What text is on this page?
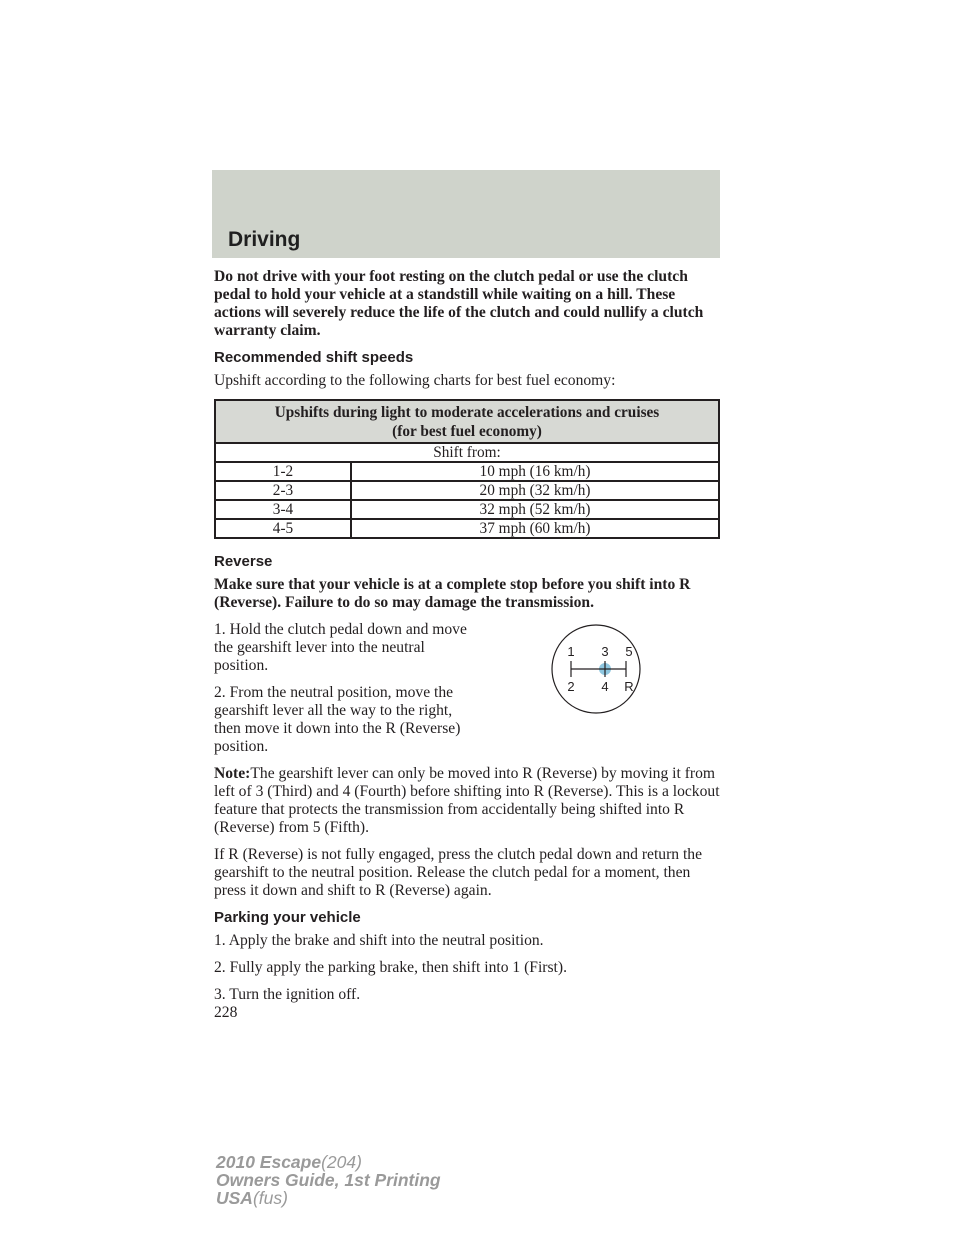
Driving

Do not drive with your foot resting on the clutch pedal or use the clutch pedal to hold your vehicle at a standstill while waiting on a hill. These actions will severely reduce the life of the clutch and could nullify a clutch warranty claim.

Recommended shift speeds

Upshift according to the following charts for best fuel economy:

Upshifts during light to moderate accelerations and cruises
(for best fuel economy)	

Shift from:	
1-2	10 mph (16 km/h)
2-3	20 mph (32 km/h)
3-4	32 mph (52 km/h)
4-5	37 mph (60 km/h)
Reverse

Make sure that your vehicle is at a complete stop before you shift into R (Reverse). Failure to do so may damage the transmission.

1. Hold the clutch pedal down and move the gearshift lever into the neutral position.

2. From the neutral position, move the gearshift lever all the way to the right, then move it down into the R (Reverse) position.

1 3 5
2 4 R

Note:The gearshift lever can only be moved into R (Reverse) by moving it from left of 3 (Third) and 4 (Fourth) before shifting into R (Reverse). This is a lockout feature that protects the transmission from accidentally being shifted into R (Reverse) from 5 (Fifth).

If R (Reverse) is not fully engaged, press the clutch pedal down and return the gearshift to the neutral position. Release the clutch pedal for a moment, then press it down and shift to R (Reverse) again.

Parking your vehicle

1. Apply the brake and shift into the neutral position.

2. Fully apply the parking brake, then shift into 1 (First).

3. Turn the ignition off.

228

2010 Escape(204)
Owners Guide, 1st Printing
USA(fus)
